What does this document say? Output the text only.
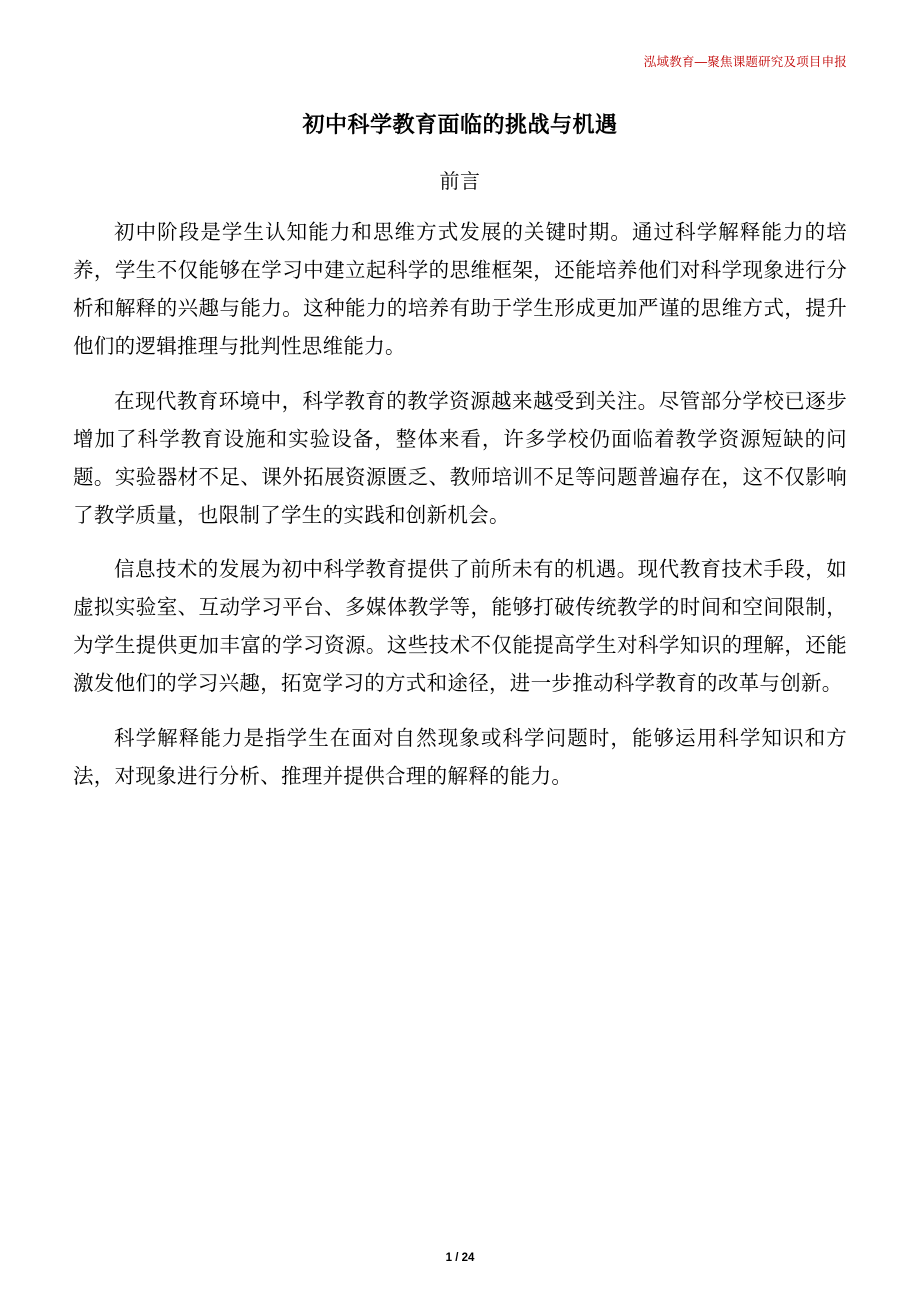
泓域教育—聚焦课题研究及项目申报
初中科学教育面临的挑战与机遇
前言

初中阶段是学生认知能力和思维方式发展的关键时期。通过科学解释能力的培养，学生不仅能够在学习中建立起科学的思维框架，还能培养他们对科学现象进行分析和解释的兴趣与能力。这种能力的培养有助于学生形成更加严谨的思维方式，提升他们的逻辑推理与批判性思维能力。

在现代教育环境中，科学教育的教学资源越来越受到关注。尽管部分学校已逐步增加了科学教育设施和实验设备，整体来看，许多学校仍面临着教学资源短缺的问题。实验器材不足、课外拓展资源匮乏、教师培训不足等问题普遍存在，这不仅影响了教学质量，也限制了学生的实践和创新机会。

信息技术的发展为初中科学教育提供了前所未有的机遇。现代教育技术手段，如虚拟实验室、互动学习平台、多媒体教学等，能够打破传统教学的时间和空间限制，为学生提供更加丰富的学习资源。这些技术不仅能提高学生对科学知识的理解，还能激发他们的学习兴趣，拓宽学习的方式和途径，进一步推动科学教育的改革与创新。

科学解释能力是指学生在面对自然现象或科学问题时，能够运用科学知识和方法，对现象进行分析、推理并提供合理的解释的能力。

1 / 24
